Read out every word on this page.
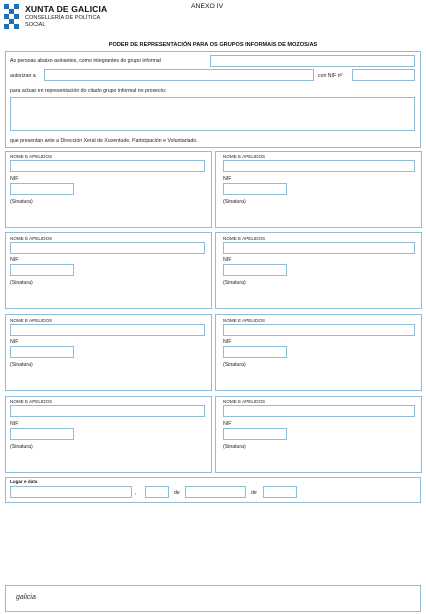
XUNTA DE GALICIA
CONSELLERÍA DE POLÍTICA
SOCIAL
ANEXO IV
PODER DE REPRESENTACIÓN PARA OS GRUPOS INFORMAIS DE MOZOS/AS
As persoas abaixo asinantes, como integrantes do grupo informal
autorizan a	con NIF nº
para actuar en representación do citado grupo informal no proxecto:
que presentan ante a Dirección Xeral de Xuventude, Participación e Voluntariado.
NOME E APELIDOS
NIF
(Sinatura)
NOME E APELIDOS
NIF
(Sinatura)
NOME E APELIDOS
NIF
(Sinatura)
NOME E APELIDOS
NIF
(Sinatura)
NOME E APELIDOS
NIF
(Sinatura)
NOME E APELIDOS
NIF
(Sinatura)
NOME E APELIDOS
NIF
(Sinatura)
NOME E APELIDOS
NIF
(Sinatura)
Lugar e data
,	de	de
galicia
